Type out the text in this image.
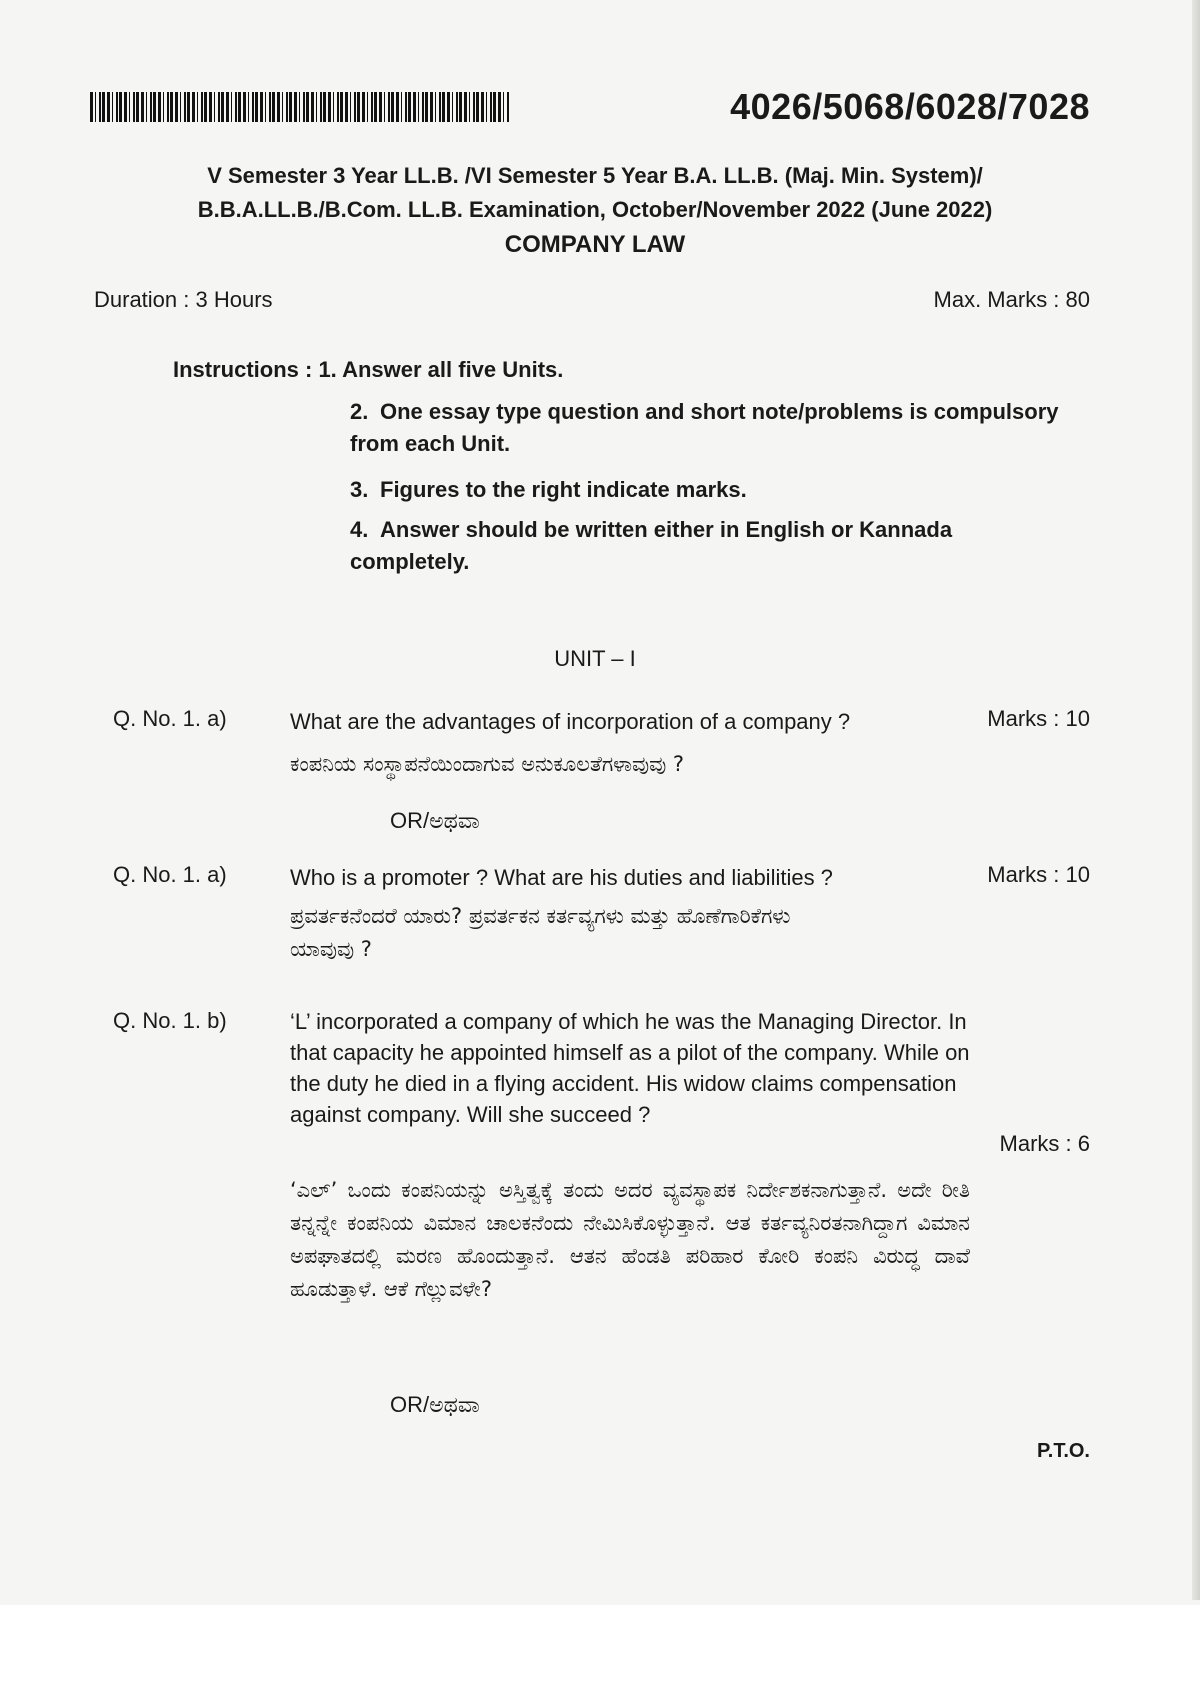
4026/5068/6028/7028
V Semester 3 Year LL.B. /VI Semester 5 Year B.A. LL.B. (Maj. Min. System)/
B.B.A.LL.B./B.Com. LL.B. Examination, October/November 2022 (June 2022)
COMPANY LAW
Duration : 3 Hours	Max. Marks : 80
Instructions : 1. Answer all five Units.
2. One essay type question and short note/problems is compulsory from each Unit.
3. Figures to the right indicate marks.
4. Answer should be written either in English or Kannada completely.
UNIT – I
Q. No. 1. a)	What are the advantages of incorporation of a company ?	Marks : 10
ಕಂಪನಿಯ ಸಂಸ್ಥಾಪನೆಯಿಂದಾಗುವ ಅನುಕೂಲತೆಗಳಾವುವು ?
OR/ಅಥವಾ
Q. No. 1. a)	Who is a promoter ? What are his duties and liabilities ?	Marks : 10
ಪ್ರವರ್ತಕನೆಂದರೆ ಯಾರು? ಪ್ರವರ್ತಕನ ಕರ್ತವ್ಯಗಳು ಮತ್ತು ಹೊಣೆಗಾರಿಕೆಗಳು ಯಾವುವು ?
Q. No. 1. b)	‘L’ incorporated a company of which he was the Managing Director. In that capacity he appointed himself as a pilot of the company. While on the duty he died in a flying accident. His widow claims compensation against company. Will she succeed ?
Marks : 6
‘ಎಲ್’ ಒಂದು ಕಂಪನಿಯನ್ನು ಅಸ್ತಿತ್ವಕ್ಕೆ ತಂದು ಅದರ ವ್ಯವಸ್ಥಾಪಕ ನಿರ್ದೇಶಕನಾಗುತ್ತಾನೆ. ಅದೇ ರೀತಿ ತನ್ನನ್ನೇ ಕಂಪನಿಯ ವಿಮಾನ ಚಾಲಕನೆಂದು ನೇಮಿಸಿಕೊಳ್ಳುತ್ತಾನೆ. ಆತ ಕರ್ತವ್ಯನಿರತನಾಗಿದ್ದಾಗ ವಿಮಾನ ಅಪಘಾತದಲ್ಲಿ ಮರಣ ಹೊಂದುತ್ತಾನೆ. ಆತನ ಹೆಂಡತಿ ಪರಿಹಾರ ಕೋರಿ ಕಂಪನಿ ವಿರುದ್ಧ ದಾವೆ ಹೂಡುತ್ತಾಳೆ. ಆಕೆ ಗೆಲ್ಲುವಳೇ?
OR/ಅಥವಾ
P.T.O.
